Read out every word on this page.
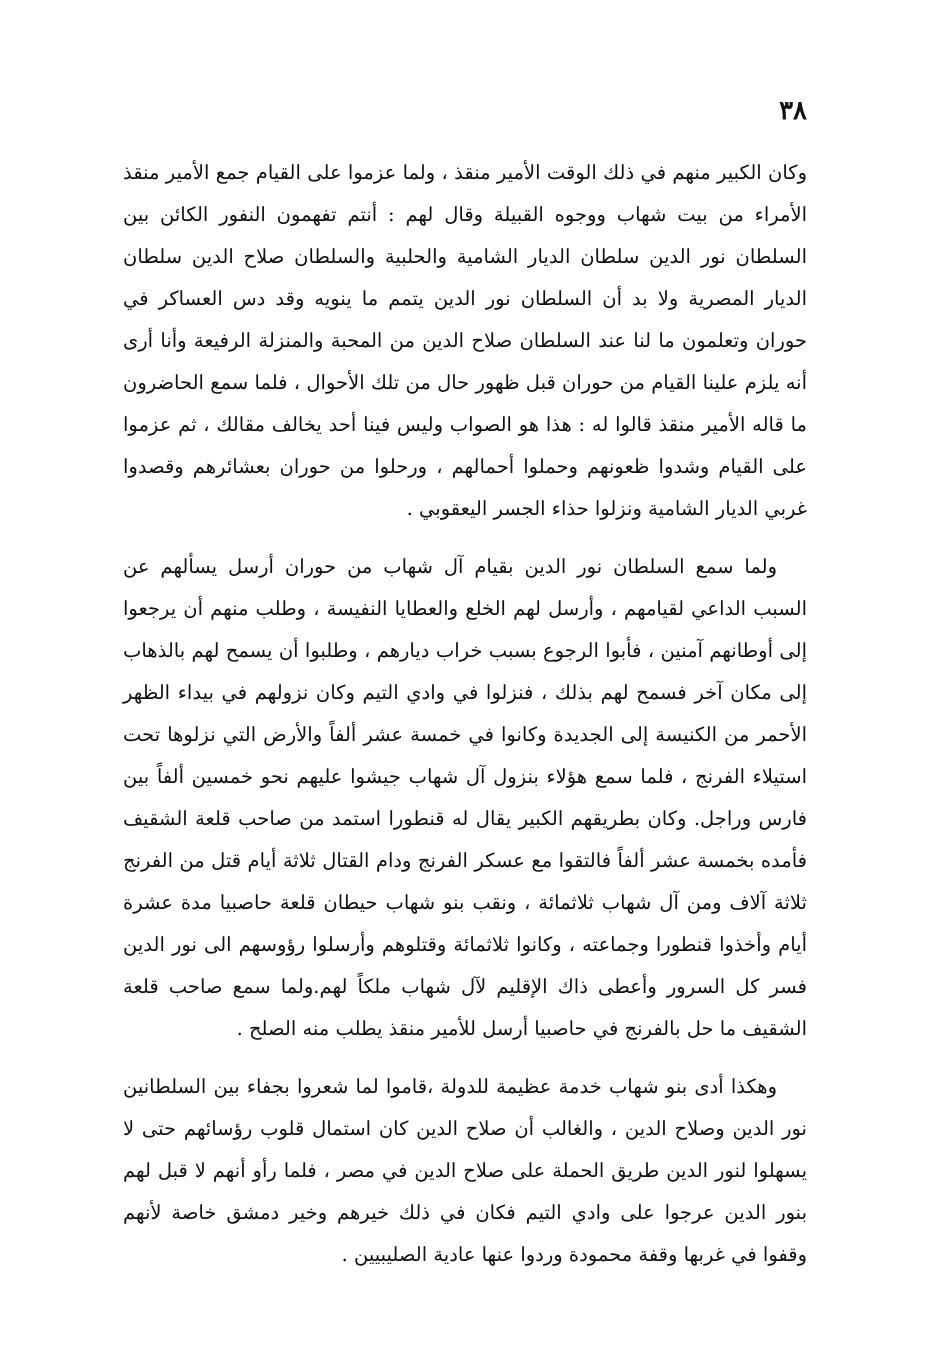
٣٨

وكان الكبير منهم في ذلك الوقت الأمير منقذ ، ولما عزموا على القيام جمع الأمير منقذ الأمراء من بيت شهاب ووجوه القبيلة وقال لهم : أنتم تفهمون النفور الكائن بين السلطان نور الدين سلطان الديار الشامية والحلبية والسلطان صلاح الدين سلطان الديار المصرية ولا بد أن السلطان نور الدين يتمم ما ينويه وقد دس العساكر في حوران وتعلمون ما لنا عند السلطان صلاح الدين من المحبة والمنزلة الرفيعة وأنا أرى أنه يلزم علينا القيام من حوران قبل ظهور حال من تلك الأحوال ، فلما سمع الحاضرون ما قاله الأمير منقذ قالوا له : هذا هو الصواب وليس فينا أحد يخالف مقالك ، ثم عزموا على القيام وشدوا ظعونهم وحملوا أحمالهم ، ورحلوا من حوران بعشائرهم وقصدوا غربي الديار الشامية ونزلوا حذاء الجسر اليعقوبي .

ولما سمع السلطان نور الدين بقيام آل شهاب من حوران أرسل يسألهم عن السبب الداعي لقيامهم ، وأرسل لهم الخلع والعطايا النفيسة ، وطلب منهم أن يرجعوا إلى أوطانهم آمنين ، فأبوا الرجوع بسبب خراب ديارهم ، وطلبوا أن يسمح لهم بالذهاب إلى مكان آخر فسمح لهم بذلك ، فنزلوا في وادي التيم وكان نزولهم في بيداء الظهر الأحمر من الكنيسة إلى الجديدة وكانوا في خمسة عشر ألفاً والأرض التي نزلوها تحت استيلاء الفرنج ، فلما سمع هؤلاء بنزول آل شهاب جيشوا عليهم نحو خمسين ألفاً بين فارس وراجل. وكان بطريقهم الكبير يقال له قنطورا استمد من صاحب قلعة الشقيف فأمده بخمسة عشر ألفاً فالتقوا مع عسكر الفرنج ودام القتال ثلاثة أيام قتل من الفرنج ثلاثة آلاف ومن آل شهاب ثلاثمائة ، ونقب بنو شهاب حيطان قلعة حاصبيا مدة عشرة أيام وأخذوا قنطورا وجماعته ، وكانوا ثلاثمائة وقتلوهم وأرسلوا رؤوسهم الى نور الدين فسر كل السرور وأعطى ذاك الإقليم لآل شهاب ملكاً لهم.ولما سمع صاحب قلعة الشقيف ما حل بالفرنج في حاصبيا أرسل للأمير منقذ يطلب منه الصلح .

وهكذا أدى بنو شهاب خدمة عظيمة للدولة ،قاموا لما شعروا بجفاء بين السلطانين نور الدين وصلاح الدين ، والغالب أن صلاح الدين كان استمال قلوب رؤسائهم حتى لا يسهلوا لنور الدين طريق الحملة على صلاح الدين في مصر ، فلما رأو أنهم لا قبل لهم بنور الدين عرجوا على وادي التيم فكان في ذلك خيرهم وخير دمشق خاصة لأنهم وقفوا في غربها وقفة محمودة وردوا عنها عادية الصليبيين .
